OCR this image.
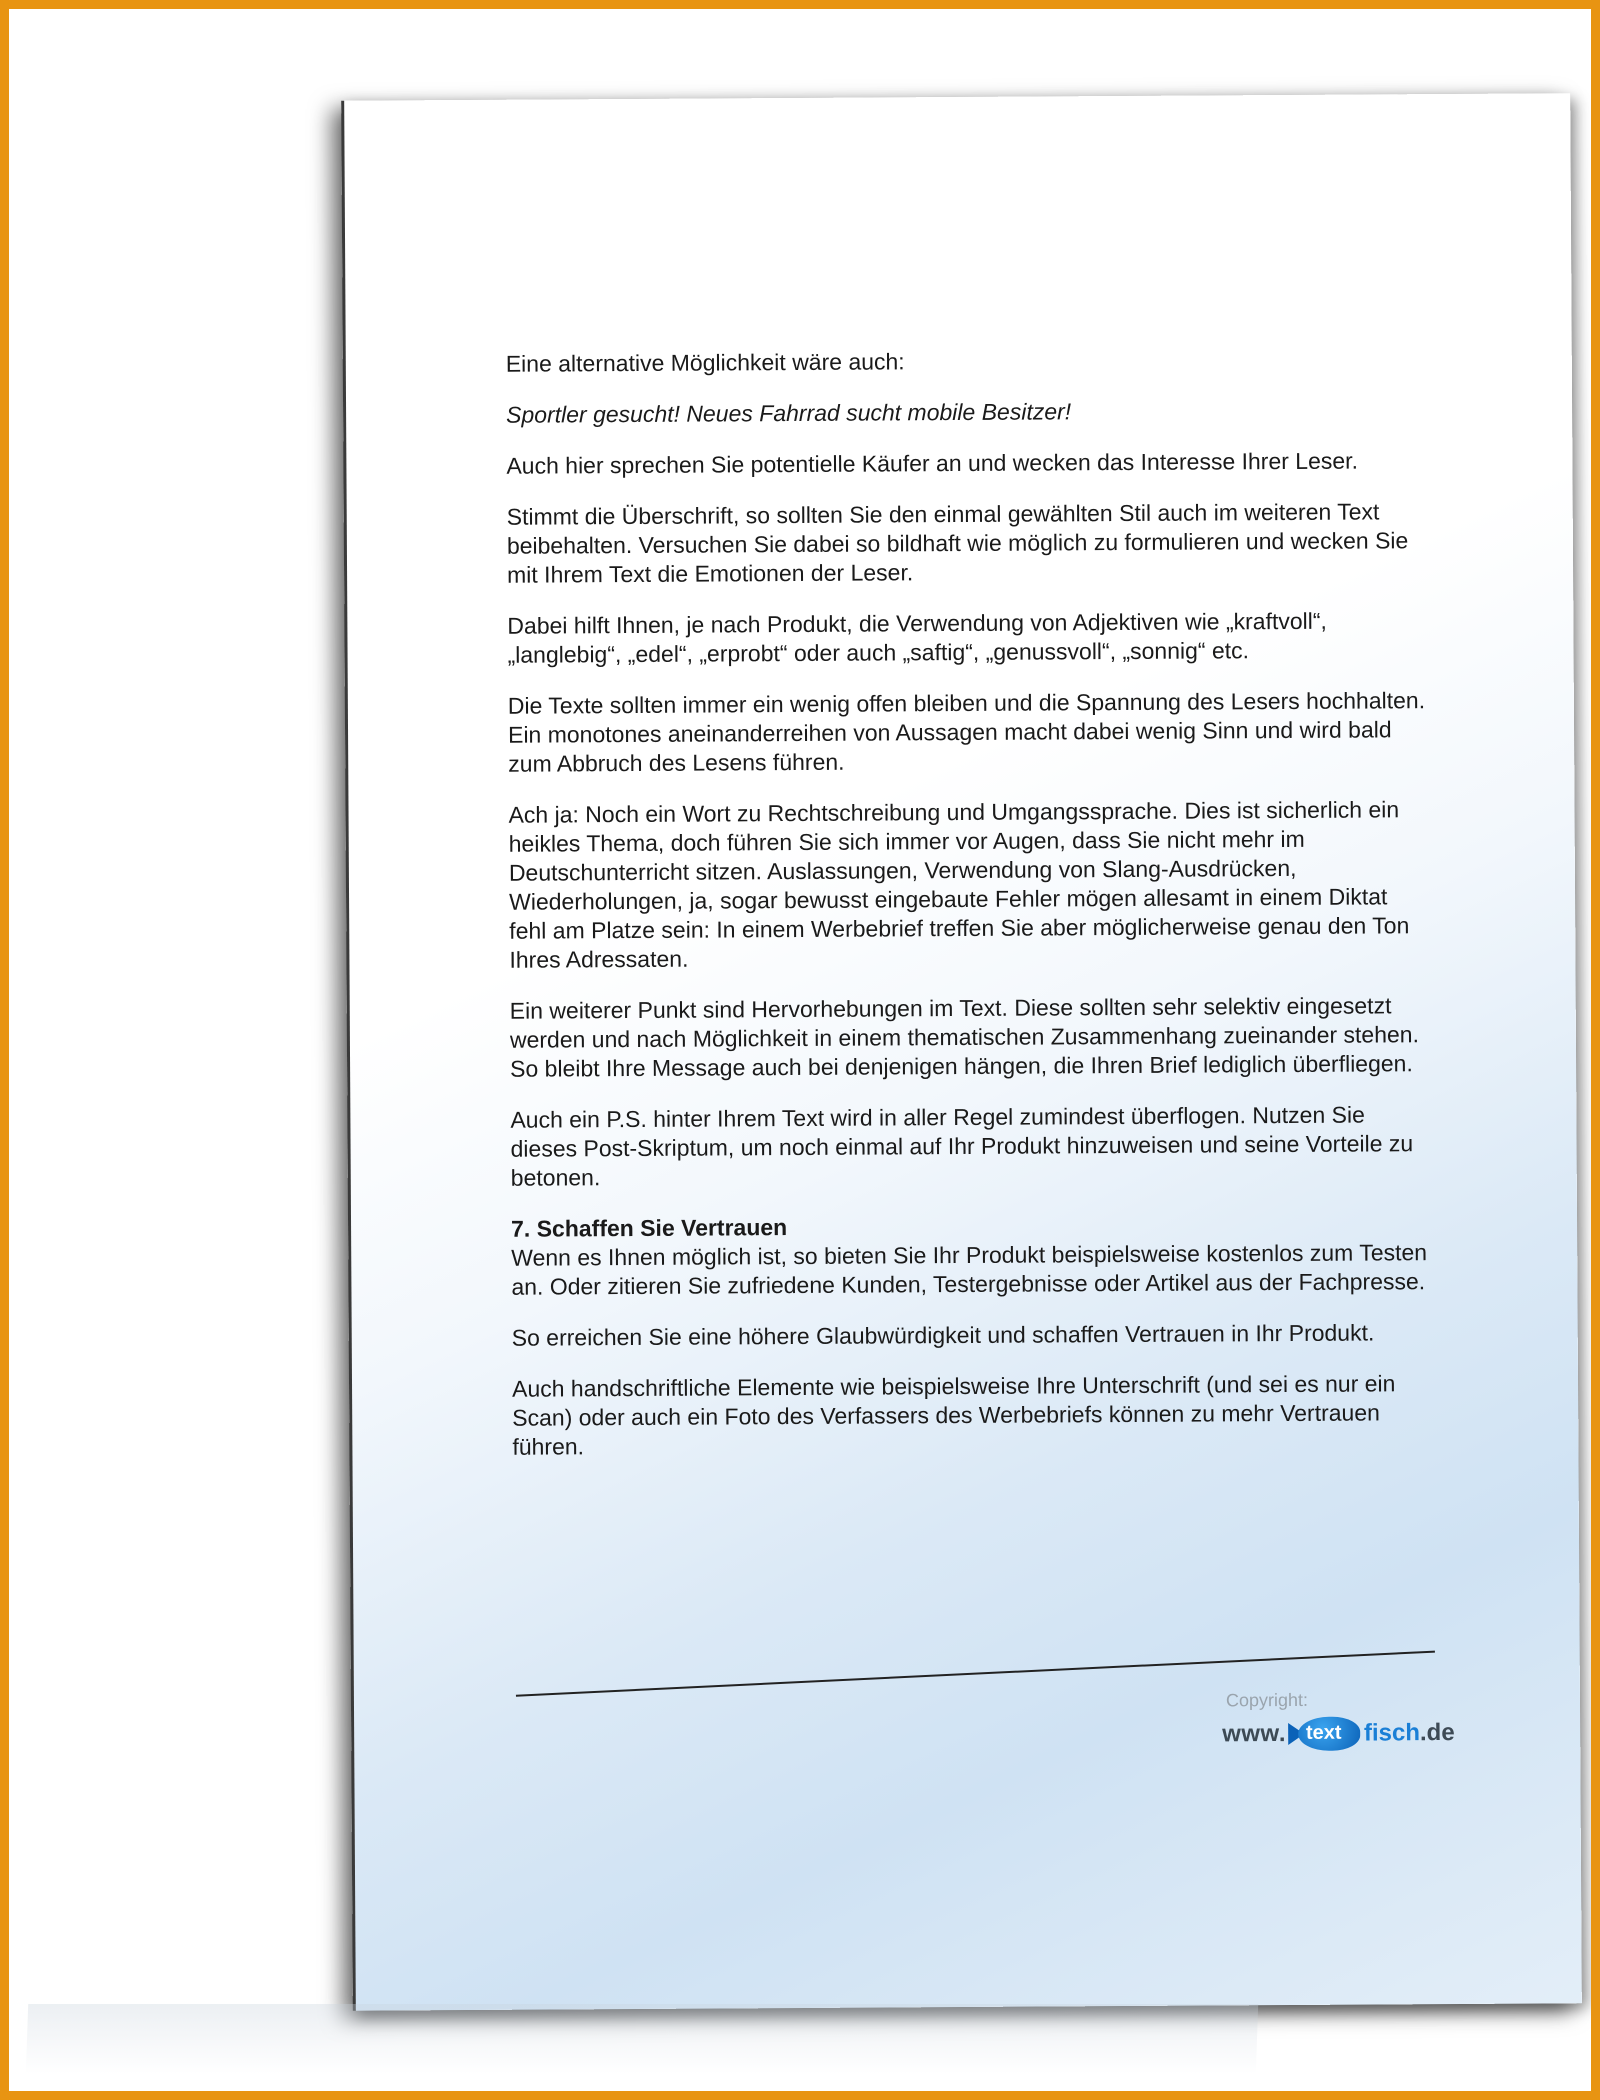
Eine alternative Möglichkeit wäre auch:

Sportler gesucht! Neues Fahrrad sucht mobile Besitzer!

Auch hier sprechen Sie potentielle Käufer an und wecken das Interesse Ihrer Leser.

Stimmt die Überschrift, so sollten Sie den einmal gewählten Stil auch im weiteren Text beibehalten. Versuchen Sie dabei so bildhaft wie möglich zu formulieren und wecken Sie mit Ihrem Text die Emotionen der Leser.

Dabei hilft Ihnen, je nach Produkt, die Verwendung von Adjektiven wie „kraftvoll“, „langlebig“, „edel“, „erprobt“ oder auch „saftig“, „genussvoll“, „sonnig“ etc.

Die Texte sollten immer ein wenig offen bleiben und die Spannung des Lesers hochhalten. Ein monotones aneinanderreihen von Aussagen macht dabei wenig Sinn und wird bald zum Abbruch des Lesens führen.

Ach ja: Noch ein Wort zu Rechtschreibung und Umgangssprache. Dies ist sicherlich ein heikles Thema, doch führen Sie sich immer vor Augen, dass Sie nicht mehr im Deutschunterricht sitzen. Auslassungen, Verwendung von Slang-Ausdrücken, Wiederholungen, ja, sogar bewusst eingebaute Fehler mögen allesamt in einem Diktat fehl am Platze sein: In einem Werbebrief treffen Sie aber möglicherweise genau den Ton Ihres Adressaten.

Ein weiterer Punkt sind Hervorhebungen im Text. Diese sollten sehr selektiv eingesetzt werden und nach Möglichkeit in einem thematischen Zusammenhang zueinander stehen. So bleibt Ihre Message auch bei denjenigen hängen, die Ihren Brief lediglich überfliegen.

Auch ein P.S. hinter Ihrem Text wird in aller Regel zumindest überflogen. Nutzen Sie dieses Post-Skriptum, um noch einmal auf Ihr Produkt hinzuweisen und seine Vorteile zu betonen.

7. Schaffen Sie Vertrauen

Wenn es Ihnen möglich ist, so bieten Sie Ihr Produkt beispielsweise kostenlos zum Testen an. Oder zitieren Sie zufriedene Kunden, Testergebnisse oder Artikel aus der Fachpresse.

So erreichen Sie eine höhere Glaubwürdigkeit und schaffen Vertrauen in Ihr Produkt.

Auch handschriftliche Elemente wie beispielsweise Ihre Unterschrift (und sei es nur ein Scan) oder auch ein Foto des Verfassers des Werbebriefs können zu mehr Vertrauen führen.

Copyright:
www. text fisch .de
